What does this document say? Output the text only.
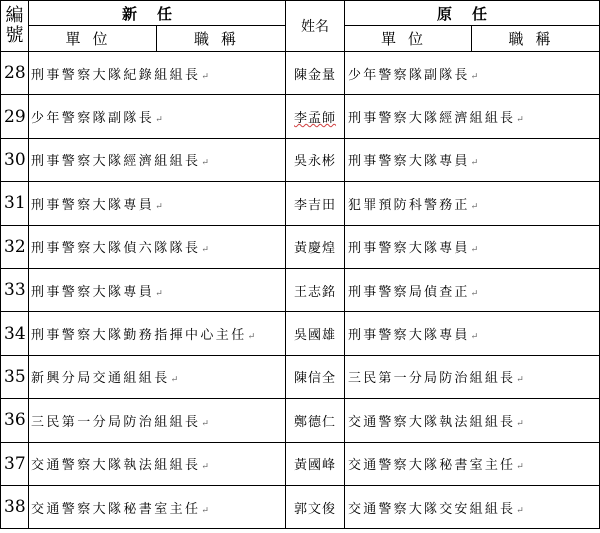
編
號	新任		姓名	原任	
	單位	職稱		單位	職稱
28	刑事警察大隊紀錄組組長↵		陳金量	少年警察隊副隊長↵	
29	少年警察隊副隊長↵		李孟師	刑事警察大隊經濟組組長↵	
30	刑事警察大隊經濟組組長↵		吳永彬	刑事警察大隊專員↵	
31	刑事警察大隊專員↵		李吉田	犯罪預防科警務正↵	
32	刑事警察大隊偵六隊隊長↵		黃慶煌	刑事警察大隊專員↵	
33	刑事警察大隊專員↵		王志銘	刑事警察局偵查正↵	
34	刑事警察大隊勤務指揮中心主任↵		吳國雄	刑事警察大隊專員↵	
35	新興分局交通組組長↵		陳信全	三民第一分局防治組組長↵	
36	三民第一分局防治組組長↵		鄭德仁	交通警察大隊執法組組長↵	
37	交通警察大隊執法組組長↵		黃國峰	交通警察大隊秘書室主任↵	
38	交通警察大隊秘書室主任↵		郭文俊	交通警察大隊交安組組長↵	
